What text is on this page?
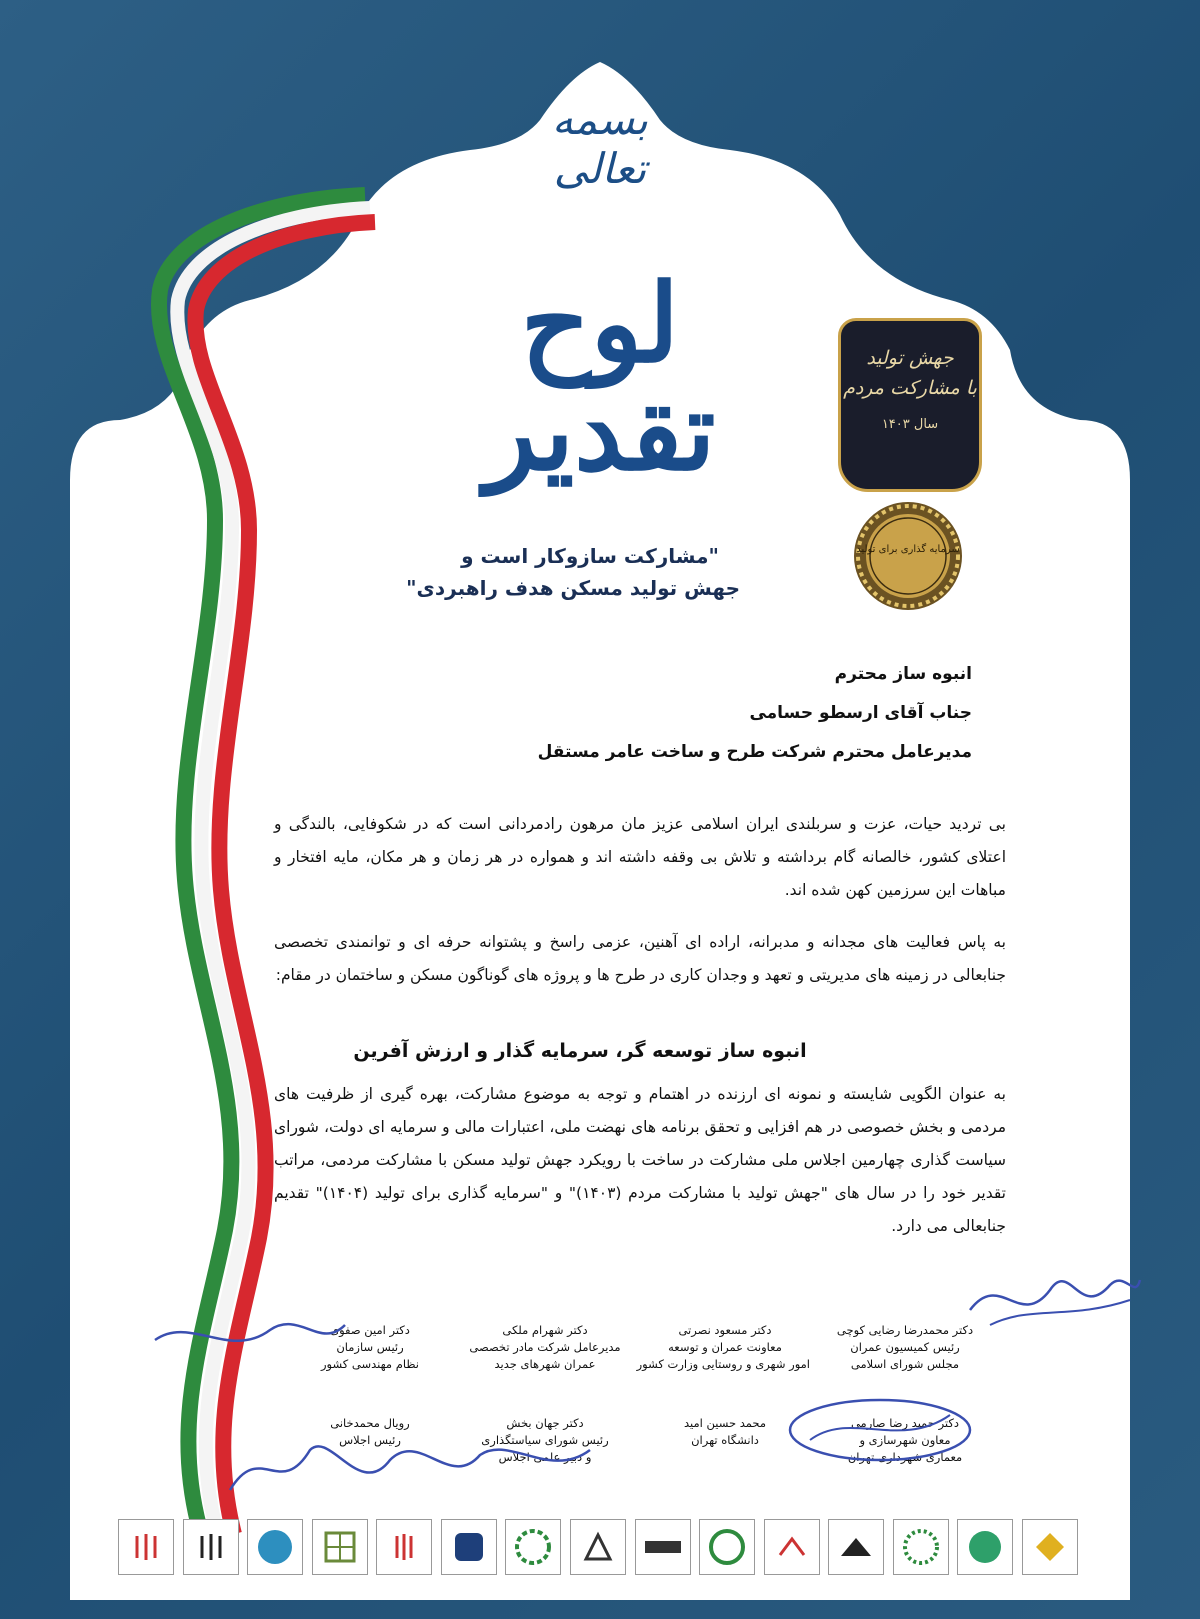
بسمه تعالی
لوح تقدیر
"مشارکت سازوکار است و
جهش تولید مسکن هدف راهبردی"
جهش تولید
با مشارکت مردم
سال ۱۴۰۳
سرمایه گذاری برای تولید
انبوه ساز محترم
جناب آقای ارسطو حسامی
مدیرعامل محترم شرکت طرح و ساخت عامر مستقل
بی تردید حیات، عزت و سربلندی ایران اسلامی عزیز مان مرهون رادمردانی است که در شکوفایی، بالندگی و اعتلای کشور، خالصانه گام برداشته و تلاش بی وقفه داشته اند و همواره در هر زمان و هر مکان، مایه افتخار و مباهات این سرزمین کهن شده اند.
به پاس فعالیت های مجدانه و مدبرانه، اراده ای آهنین، عزمی راسخ و پشتوانه حرفه ای و توانمندی تخصصی جنابعالی در زمینه های مدیریتی و تعهد و وجدان کاری در طرح ها و پروژه های گوناگون مسکن و ساختمان در مقام:
انبوه ساز توسعه گر، سرمایه گذار و ارزش آفرین
به عنوان الگویی شایسته و نمونه ای ارزنده در اهتمام و توجه به موضوع مشارکت، بهره گیری از ظرفیت های مردمی و بخش خصوصی در هم افزایی و تحقق برنامه های نهضت ملی، اعتبارات مالی و سرمایه ای دولت، شورای سیاست گذاری چهارمین اجلاس ملی مشارکت در ساخت با رویکرد جهش تولید مسکن با مشارکت مردمی، مراتب تقدیر خود را در سال های "جهش تولید با مشارکت مردم (۱۴۰۳)" و "سرمایه گذاری برای تولید (۱۴۰۴)" تقدیم جنابعالی می دارد.
دکتر محمدرضا رضایی کوچی
رئیس کمیسیون عمران
مجلس شورای اسلامی
دکتر مسعود نصرتی
معاونت عمران و توسعه
امور شهری و روستایی وزارت کشور
دکتر شهرام ملکی
مدیرعامل شرکت مادر تخصصی
عمران شهرهای جدید
دکتر امین صفوی
رئیس سازمان
نظام مهندسی کشور
دکتر حمید رضا صارمی
معاون شهرسازی و
معماری شهرداری تهران
محمد حسین امید
دانشگاه تهران
دکتر جهان بخش
رئیس شورای سیاستگذاری
و دبیر علمی اجلاس
رویال محمدخانی
رئیس اجلاس
